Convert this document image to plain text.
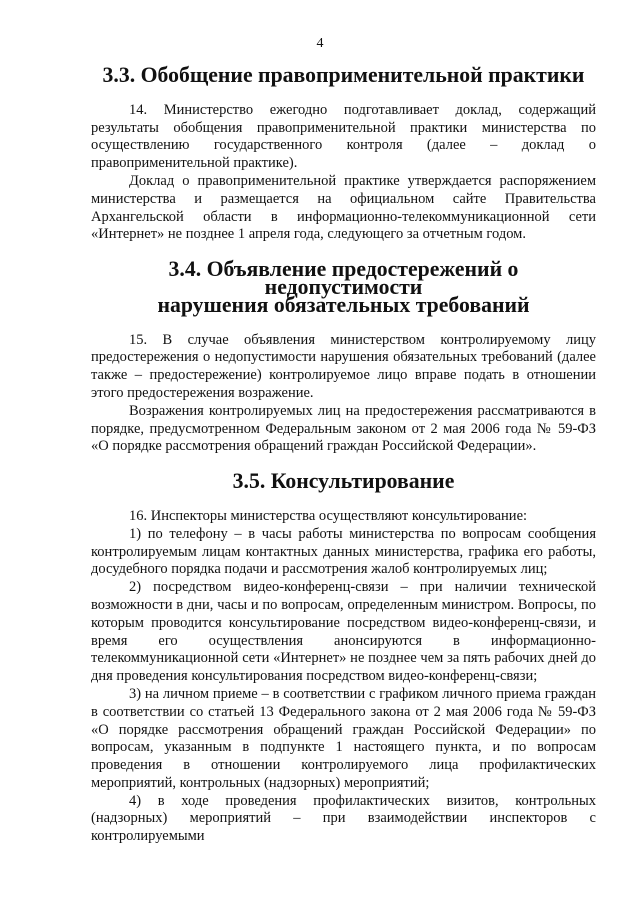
4
3.3. Обобщение правоприменительной практики

14. Министерство ежегодно подготавливает доклад, содержащий результаты обобщения правоприменительной практики министерства по осуществлению государственного контроля (далее – доклад о правоприменительной практике).

Доклад о правоприменительной практике утверждается распоряжением министерства и размещается на официальном сайте Правительства Архангельской области в информационно-телекоммуникационной сети «Интернет» не позднее 1 апреля года, следующего за отчетным годом.

3.4. Объявление предостережений о недопустимости
нарушения обязательных требований

15. В случае объявления министерством контролируемому лицу предостережения о недопустимости нарушения обязательных требований (далее также – предостережение) контролируемое лицо вправе подать в отношении этого предостережения возражение.

Возражения контролируемых лиц на предостережения рассматриваются в порядке, предусмотренном Федеральным законом от 2 мая 2006 года № 59-ФЗ «О порядке рассмотрения обращений граждан Российской Федерации».

3.5. Консультирование

16. Инспекторы министерства осуществляют консультирование:

1) по телефону – в часы работы министерства по вопросам сообщения контролируемым лицам контактных данных министерства, графика его работы, досудебного порядка подачи и рассмотрения жалоб контролируемых лиц;

2) посредством видео-конференц-связи – при наличии технической возможности в дни, часы и по вопросам, определенным министром. Вопросы, по которым проводится консультирование посредством видео-конференц-связи, и время его осуществления анонсируются в информационно-телекоммуникационной сети «Интернет» не позднее чем за пять рабочих дней до дня проведения консультирования посредством видео-конференц-связи;

3) на личном приеме – в соответствии с графиком личного приема граждан в соответствии со статьей 13 Федерального закона от 2 мая 2006 года № 59-ФЗ «О порядке рассмотрения обращений граждан Российской Федерации» по вопросам, указанным в подпункте 1 настоящего пункта, и по вопросам проведения в отношении контролируемого лица профилактических мероприятий, контрольных (надзорных) мероприятий;

4) в ходе проведения профилактических визитов, контрольных (надзорных) мероприятий – при взаимодействии инспекторов с контролируемыми
